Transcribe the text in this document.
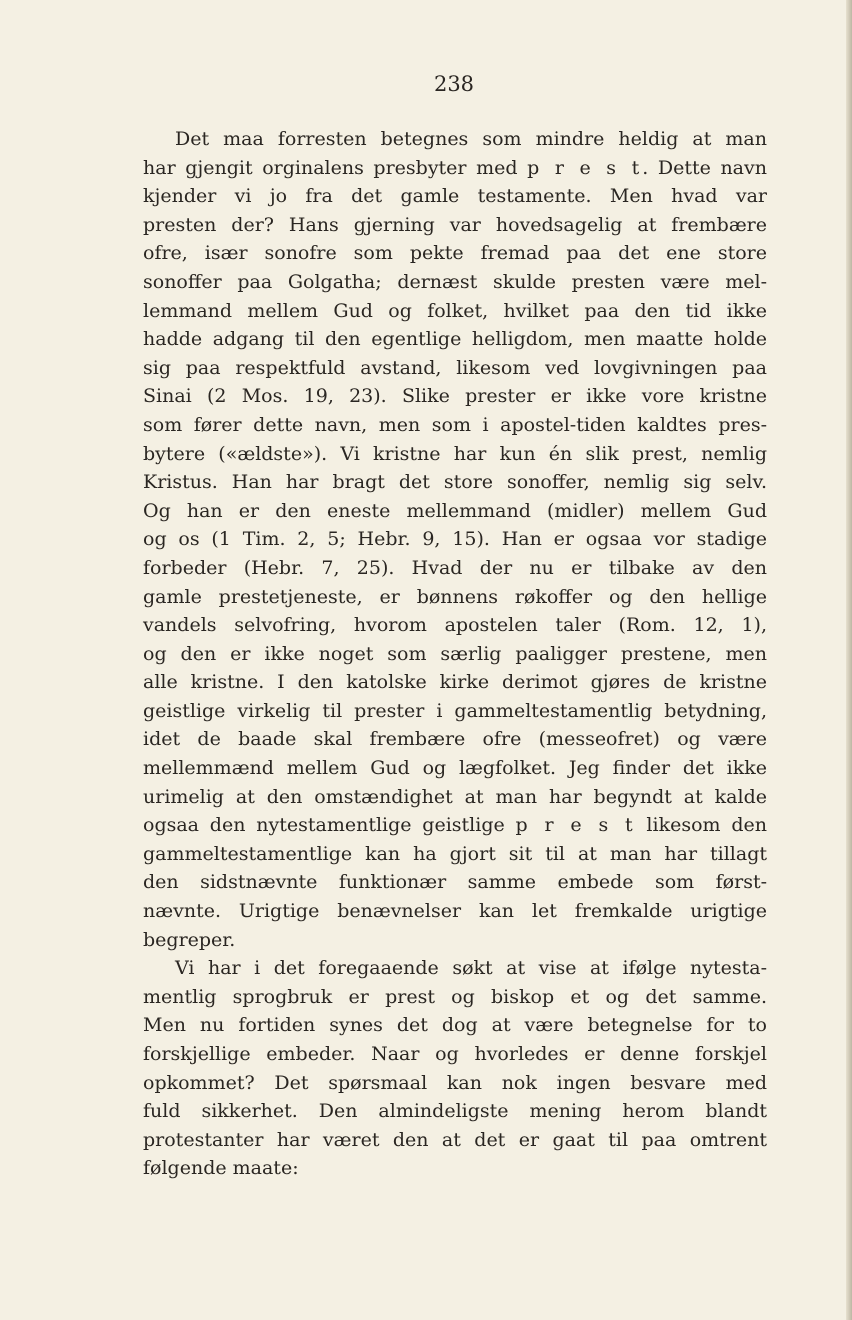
238
Det maa forresten betegnes som mindre heldig at man
har gjengit orginalens presbyter med p r e s t. Dette navn
kjender vi jo fra det gamle testamente. Men hvad var
presten der? Hans gjerning var hovedsagelig at frembære
ofre, især sonofre som pekte fremad paa det ene store
sonoffer paa Golgatha; dernæst skulde presten være mel-
lemmand mellem Gud og folket, hvilket paa den tid ikke
hadde adgang til den egentlige helligdom, men maatte holde
sig paa respektfuld avstand, likesom ved lovgivningen paa
Sinai (2 Mos. 19, 23). Slike prester er ikke vore kristne
som fører dette navn, men som i apostel-tiden kaldtes pres-
bytere («ældste»). Vi kristne har kun én slik prest, nemlig
Kristus. Han har bragt det store sonoffer, nemlig sig selv.
Og han er den eneste mellemmand (midler) mellem Gud
og os (1 Tim. 2, 5; Hebr. 9, 15). Han er ogsaa vor stadige
forbeder (Hebr. 7, 25). Hvad der nu er tilbake av den
gamle prestetjeneste, er bønnens røkoffer og den hellige
vandels selvofring, hvorom apostelen taler (Rom. 12, 1),
og den er ikke noget som særlig paaligger prestene, men
alle kristne. I den katolske kirke derimot gjøres de kristne
geistlige virkelig til prester i gammeltestamentlig betydning,
idet de baade skal frembære ofre (messeofret) og være
mellemmænd mellem Gud og lægfolket. Jeg finder det ikke
urimelig at den omstændighet at man har begyndt at kalde
ogsaa den nytestamentlige geistlige p r e s t likesom den
gammeltestamentlige kan ha gjort sit til at man har tillagt
den sidstnævnte funktionær samme embede som først-
nævnte. Urigtige benævnelser kan let fremkalde urigtige
begreper.
Vi har i det foregaaende søkt at vise at ifølge nytesta-
mentlig sprogbruk er prest og biskop et og det samme.
Men nu fortiden synes det dog at være betegnelse for to
forskjellige embeder. Naar og hvorledes er denne forskjel
opkommet? Det spørsmaal kan nok ingen besvare med
fuld sikkerhet. Den almindeligste mening herom blandt
protestanter har været den at det er gaat til paa omtrent
følgende maate:
